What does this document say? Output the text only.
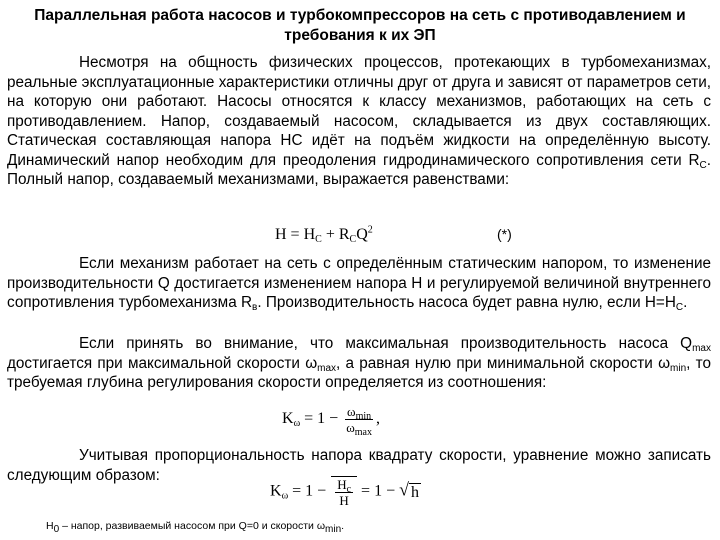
Параллельная работа насосов и турбокомпрессоров на сеть с противодавлением и требования к их ЭП
Несмотря на общность физических процессов, протекающих в турбомеханизмах, реальные эксплуатационные характеристики отличны друг от друга и зависят от параметров сети, на которую они работают. Насосы относятся к классу механизмов, работающих на сеть с противодавлением. Напор, создаваемый насосом, складывается из двух составляющих. Статическая составляющая напора НС идёт на подъём жидкости на определённую высоту. Динамический напор необходим для преодоления гидродинамического сопротивления сети $R_С$. Полный напор, создаваемый механизмами, выражается равенствами:
$H = H_C + R_CQ^2$	(*)
Если механизм работает на сеть с определённым статическим напором, то изменение производительности Q достигается изменением напора H и регулируемой величиной внутреннего сопротивления турбомеханизма $R_в$. Производительность насоса будет равна нулю, если $H=H_С$.
Если принять во внимание, что максимальная производительность насоса $Q_{max}$ достигается при максимальной скорости $\omega_{max}$, а равная нулю при минимальной скорости $\omega_{min}$, то требуемая глубина регулирования скорости определяется из соотношения:
$K_\omega = 1 - \frac{\omega_{min}}{\omega_{max}}$ ,
Учитывая пропорциональность напора квадрату скорости, уравнение можно записать следующим образом:
$K_\omega = 1 - \frac{H_c}{H} = 1$ − √ h
$H_0$ – напор, развиваемый насосом при Q=0 и скорости $\omega_{min}$.
